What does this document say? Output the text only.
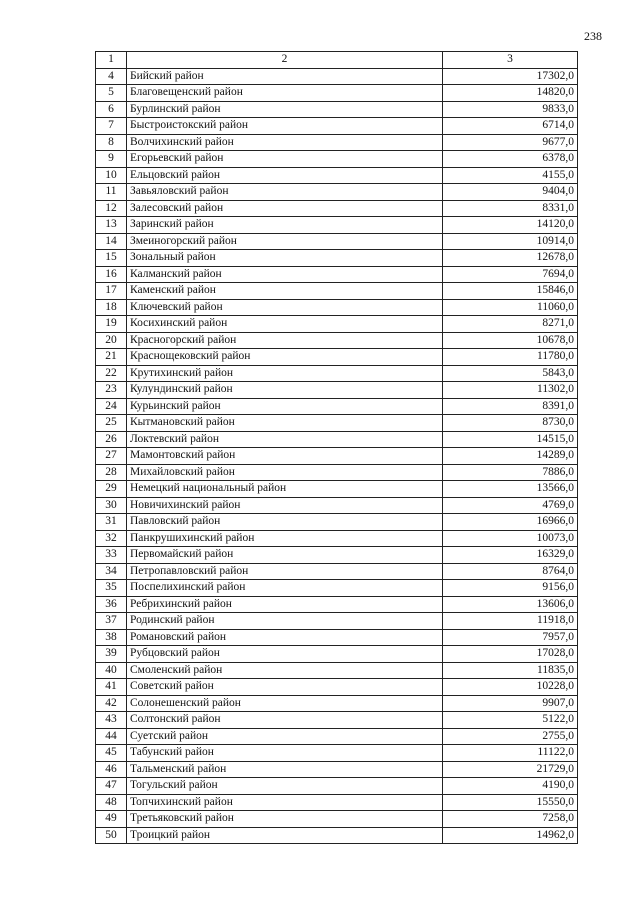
238
1	2	3
4	Бийский район	17302,0
5	Благовещенский район	14820,0
6	Бурлинский район	9833,0
7	Быстроистокский район	6714,0
8	Волчихинский район	9677,0
9	Егорьевский район	6378,0
10	Ельцовский район	4155,0
11	Завьяловский район	9404,0
12	Залесовский район	8331,0
13	Заринский район	14120,0
14	Змеиногорский район	10914,0
15	Зональный район	12678,0
16	Калманский район	7694,0
17	Каменский район	15846,0
18	Ключевский район	11060,0
19	Косихинский район	8271,0
20	Красногорский район	10678,0
21	Краснощековский район	11780,0
22	Крутихинский район	5843,0
23	Кулундинский район	11302,0
24	Курьинский район	8391,0
25	Кытмановский район	8730,0
26	Локтевский район	14515,0
27	Мамонтовский район	14289,0
28	Михайловский район	7886,0
29	Немецкий национальный район	13566,0
30	Новичихинский район	4769,0
31	Павловский район	16966,0
32	Панкрушихинский район	10073,0
33	Первомайский район	16329,0
34	Петропавловский район	8764,0
35	Поспелихинский район	9156,0
36	Ребрихинский район	13606,0
37	Родинский район	11918,0
38	Романовский район	7957,0
39	Рубцовский район	17028,0
40	Смоленский район	11835,0
41	Советский район	10228,0
42	Солонешенский район	9907,0
43	Солтонский район	5122,0
44	Суетский район	2755,0
45	Табунский район	11122,0
46	Тальменский район	21729,0
47	Тогульский район	4190,0
48	Топчихинский район	15550,0
49	Третьяковский район	7258,0
50	Троицкий район	14962,0
